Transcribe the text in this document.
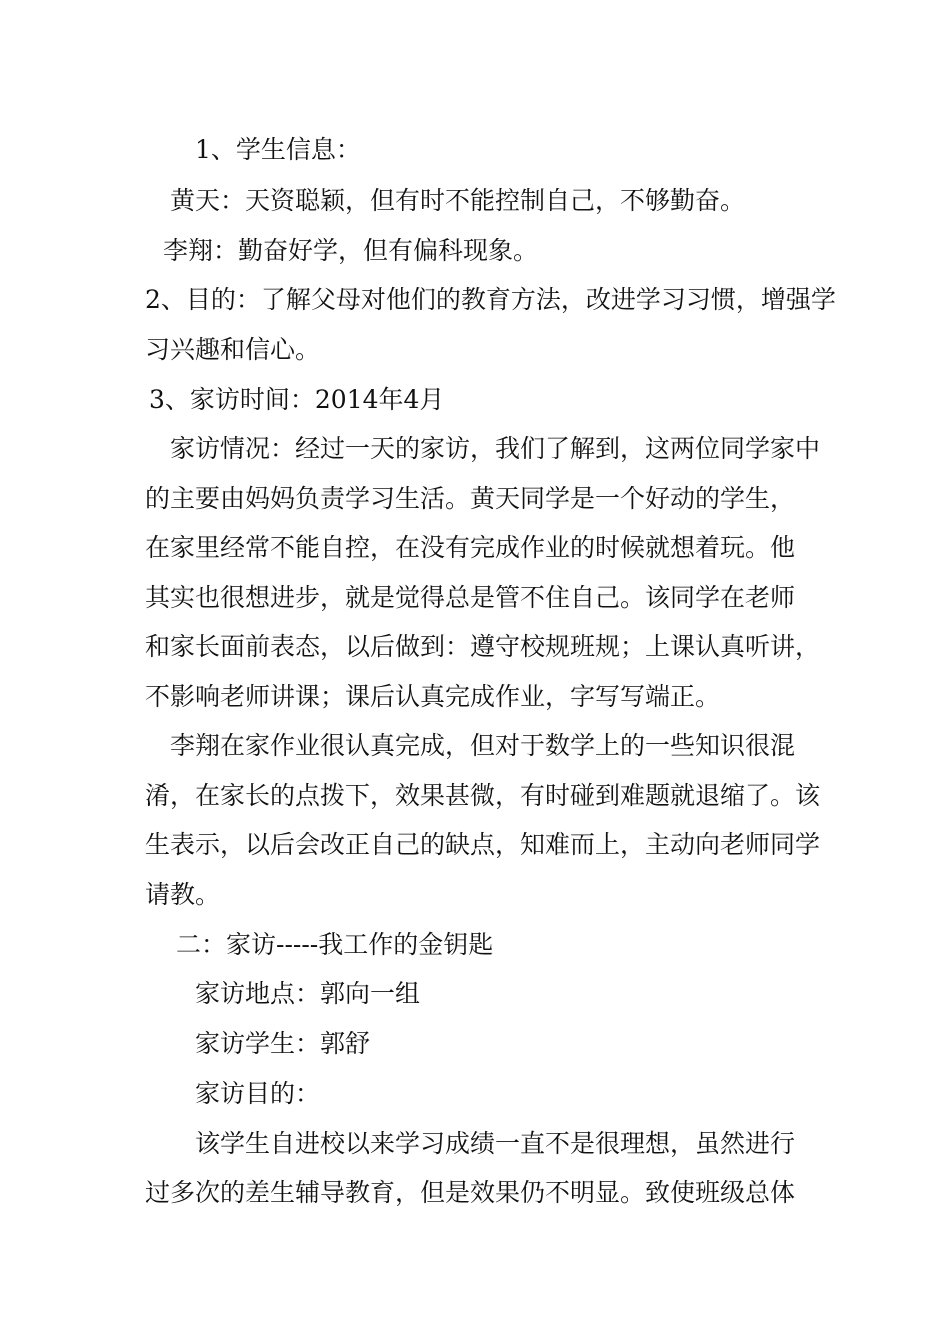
1、学生信息：
黄天：天资聪颖，但有时不能控制自己，不够勤奋。
李翔：勤奋好学，但有偏科现象。
2、目的：了解父母对他们的教育方法，改进学习习惯，增强学
习兴趣和信心。
3、家访时间：2014年4月
家访情况：经过一天的家访，我们了解到，这两位同学家中
的主要由妈妈负责学习生活。黄天同学是一个好动的学生，
在家里经常不能自控，在没有完成作业的时候就想着玩。他
其实也很想进步，就是觉得总是管不住自己。该同学在老师
和家长面前表态，以后做到：遵守校规班规；上课认真听讲，
不影响老师讲课；课后认真完成作业，字写写端正。
李翔在家作业很认真完成，但对于数学上的一些知识很混
淆，在家长的点拨下，效果甚微，有时碰到难题就退缩了。该
生表示，以后会改正自己的缺点，知难而上，主动向老师同学
请教。
二：家访-----我工作的金钥匙
家访地点：郭向一组
家访学生：郭舒
家访目的：
该学生自进校以来学习成绩一直不是很理想，虽然进行
过多次的差生辅导教育，但是效果仍不明显。致使班级总体
